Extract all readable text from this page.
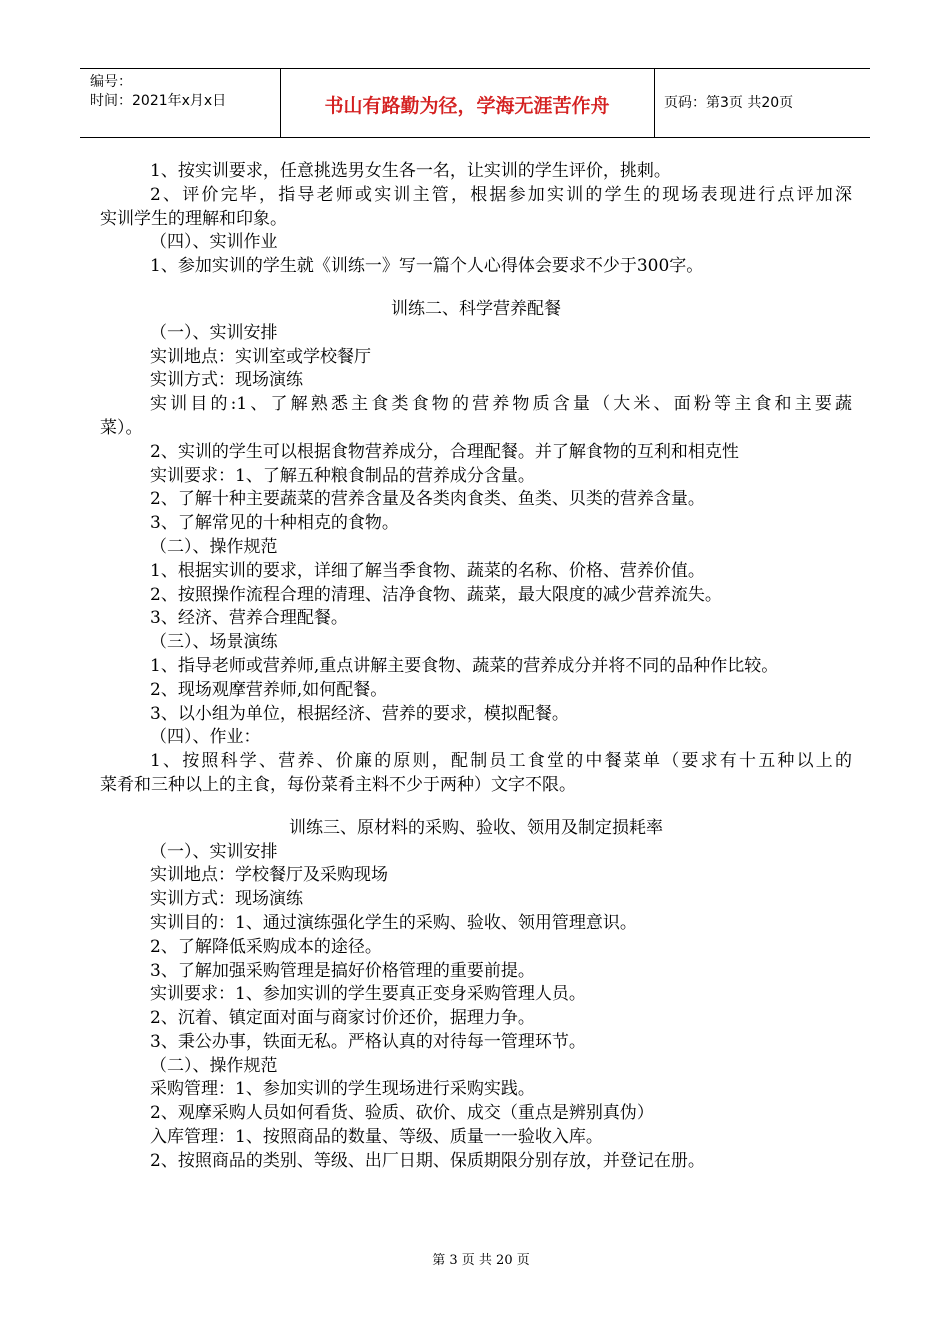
编号：
时间：2021年x月x日	书山有路勤为径，学海无涯苦作舟	页码：第3页 共20页
1、按实训要求，任意挑选男女生各一名，让实训的学生评价，挑刺。
2、评价完毕，指导老师或实训主管，根据参加实训的学生的现场表现进行点评加深
实训学生的理解和印象。
（四）、实训作业
1、参加实训的学生就《训练一》写一篇个人心得体会要求不少于300字。
训练二、科学营养配餐
（一）、实训安排
实训地点：实训室或学校餐厅
实训方式：现场演练
实训目的:1、了解熟悉主食类食物的营养物质含量（大米、面粉等主食和主要蔬
菜）。
2、实训的学生可以根据食物营养成分，合理配餐。并了解食物的互利和相克性
实训要求：1、了解五种粮食制品的营养成分含量。
2、了解十种主要蔬菜的营养含量及各类肉食类、鱼类、贝类的营养含量。
3、了解常见的十种相克的食物。
（二）、操作规范
1、根据实训的要求，详细了解当季食物、蔬菜的名称、价格、营养价值。
2、按照操作流程合理的清理、洁净食物、蔬菜，最大限度的减少营养流失。
3、经济、营养合理配餐。
（三）、场景演练
1、指导老师或营养师,重点讲解主要食物、蔬菜的营养成分并将不同的品种作比较。
2、现场观摩营养师,如何配餐。
3、以小组为单位，根据经济、营养的要求，模拟配餐。
（四）、作业：
1、按照科学、营养、价廉的原则，配制员工食堂的中餐菜单（要求有十五种以上的
菜肴和三种以上的主食，每份菜肴主料不少于两种）文字不限。
训练三、原材料的采购、验收、领用及制定损耗率
（一）、实训安排
实训地点：学校餐厅及采购现场
实训方式：现场演练
实训目的：1、通过演练强化学生的采购、验收、领用管理意识。
2、了解降低采购成本的途径。
3、了解加强采购管理是搞好价格管理的重要前提。
实训要求：1、参加实训的学生要真正变身采购管理人员。
2、沉着、镇定面对面与商家讨价还价，据理力争。
3、秉公办事，铁面无私。严格认真的对待每一管理环节。
（二）、操作规范
采购管理：1、参加实训的学生现场进行采购实践。
2、观摩采购人员如何看货、验质、砍价、成交（重点是辨别真伪）
入库管理：1、按照商品的数量、等级、质量一一验收入库。
2、按照商品的类别、等级、出厂日期、保质期限分别存放，并登记在册。
第 3 页 共 20 页
